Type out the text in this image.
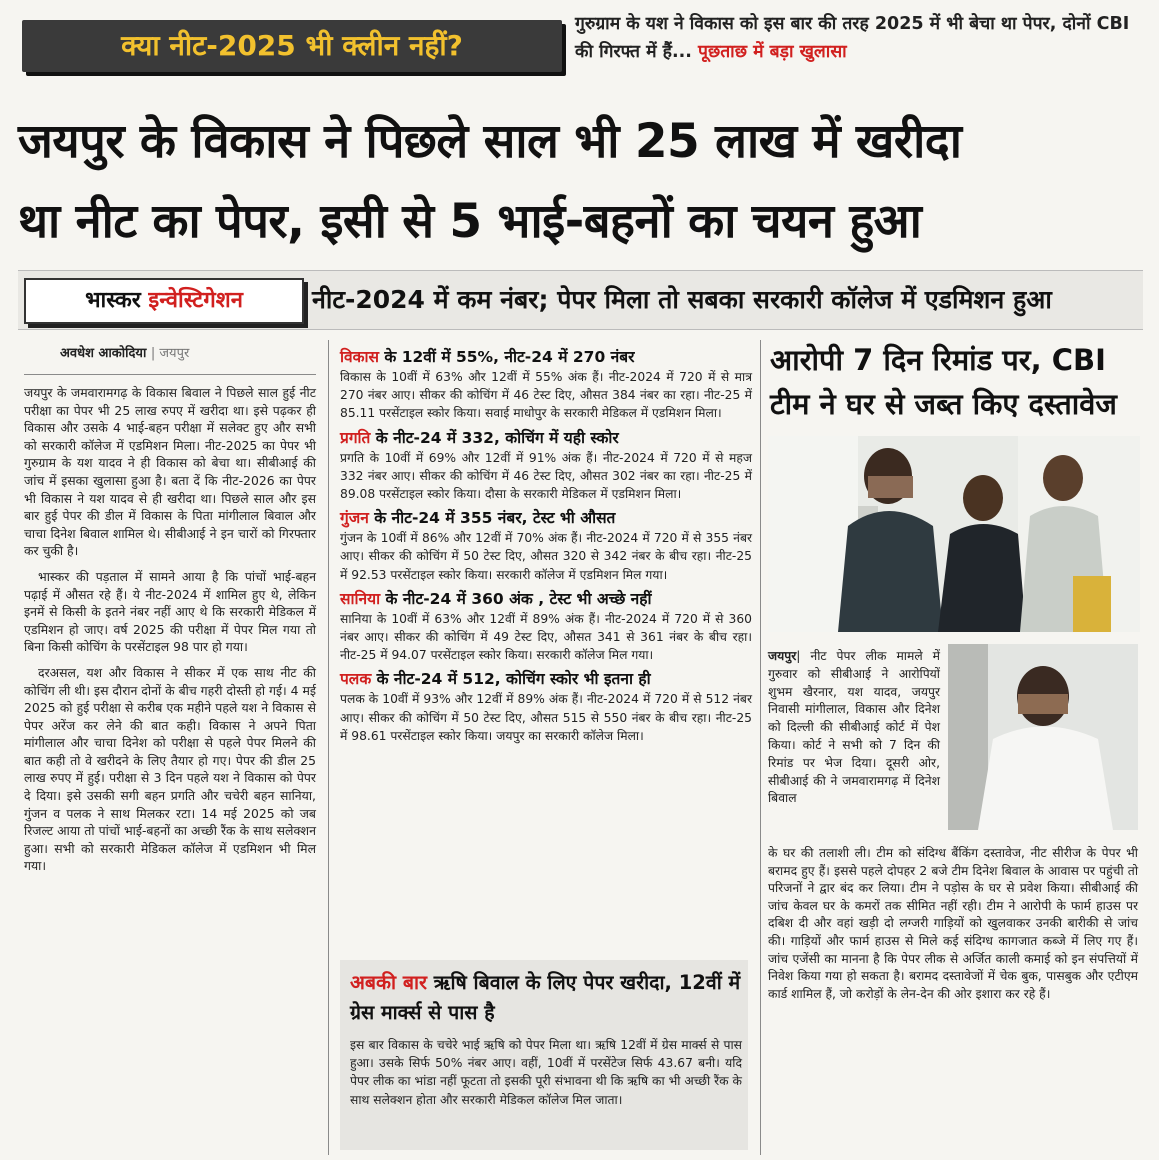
क्या नीट-2025 भी क्लीन नहीं?
गुरुग्राम के यश ने विकास को इस बार की तरह 2025 में भी बेचा था पेपर, दोनों CBI की गिरफ्त में हैं... पूछताछ में बड़ा खुलासा
जयपुर के विकास ने पिछले साल भी 25 लाख में खरीदा
था नीट का पेपर, इसी से 5 भाई-बहनों का चयन हुआ
भास्कर इन्वेस्टिगेशन	नीट-2024 में कम नंबर; पेपर मिला तो सबका सरकारी कॉलेज में एडमिशन हुआ
अवधेश आकोदिया | जयपुर

जयपुर के जमवारामगढ़ के विकास बिवाल ने पिछले साल हुई नीट परीक्षा का पेपर भी 25 लाख रुपए में खरीदा था। इसे पढ़कर ही विकास और उसके 4 भाई-बहन परीक्षा में सलेक्ट हुए और सभी को सरकारी कॉलेज में एडमिशन मिला। नीट-2025 का पेपर भी गुरुग्राम के यश यादव ने ही विकास को बेचा था। सीबीआई की जांच में इसका खुलासा हुआ है। बता दें कि नीट-2026 का पेपर भी विकास ने यश यादव से ही खरीदा था। पिछले साल और इस बार हुई पेपर की डील में विकास के पिता मांगीलाल बिवाल और चाचा दिनेश बिवाल शामिल थे। सीबीआई ने इन चारों को गिरफ्तार कर चुकी है।

भास्कर की पड़ताल में सामने आया है कि पांचों भाई-बहन पढ़ाई में औसत रहे हैं। ये नीट-2024 में शामिल हुए थे, लेकिन इनमें से किसी के इतने नंबर नहीं आए थे कि सरकारी मेडिकल में एडमिशन हो जाए। वर्ष 2025 की परीक्षा में पेपर मिल गया तो बिना किसी कोचिंग के परसेंटाइल 98 पार हो गया।

दरअसल, यश और विकास ने सीकर में एक साथ नीट की कोचिंग ली थी। इस दौरान दोनों के बीच गहरी दोस्ती हो गई। 4 मई 2025 को हुई परीक्षा से करीब एक महीने पहले यश ने विकास से पेपर अरेंज कर लेने की बात कही। विकास ने अपने पिता मांगीलाल और चाचा दिनेश को परीक्षा से पहले पेपर मिलने की बात कही तो वे खरीदने के लिए तैयार हो गए। पेपर की डील 25 लाख रुपए में हुई। परीक्षा से 3 दिन पहले यश ने विकास को पेपर दे दिया। इसे उसकी सगी बहन प्रगति और चचेरी बहन सानिया, गुंजन व पलक ने साथ मिलकर रटा। 14 मई 2025 को जब रिजल्ट आया तो पांचों भाई-बहनों का अच्छी रैंक के साथ सलेक्शन हुआ। सभी को सरकारी मेडिकल कॉलेज में एडमिशन भी मिल गया।

विकास के 12वीं में 55%, नीट-24 में 270 नंबर
विकास के 10वीं में 63% और 12वीं में 55% अंक हैं। नीट-2024 में 720 में से मात्र 270 नंबर आए। सीकर की कोचिंग में 46 टेस्ट दिए, औसत 384 नंबर का रहा। नीट-25 में 85.11 परसेंटाइल स्कोर किया। सवाई माधोपुर के सरकारी मेडिकल में एडमिशन मिला।
प्रगति के नीट-24 में 332, कोचिंग में यही स्कोर
प्रगति के 10वीं में 69% और 12वीं में 91% अंक हैं। नीट-2024 में 720 में से महज 332 नंबर आए। सीकर की कोचिंग में 46 टेस्ट दिए, औसत 302 नंबर का रहा। नीट-25 में 89.08 परसेंटाइल स्कोर किया। दौसा के सरकारी मेडिकल में एडमिशन मिला।
गुंजन के नीट-24 में 355 नंबर, टेस्ट भी औसत
गुंजन के 10वीं में 86% और 12वीं में 70% अंक हैं। नीट-2024 में 720 में से 355 नंबर आए। सीकर की कोचिंग में 50 टेस्ट दिए, औसत 320 से 342 नंबर के बीच रहा। नीट-25 में 92.53 परसेंटाइल स्कोर किया। सरकारी कॉलेज में एडमिशन मिल गया।
सानिया के नीट-24 में 360 अंक , टेस्ट भी अच्छे नहीं
सानिया के 10वीं में 63% और 12वीं में 89% अंक हैं। नीट-2024 में 720 में से 360 नंबर आए। सीकर की कोचिंग में 49 टेस्ट दिए, औसत 341 से 361 नंबर के बीच रहा। नीट-25 में 94.07 परसेंटाइल स्कोर किया। सरकारी कॉलेज मिल गया।
पलक के नीट-24 में 512, कोचिंग स्कोर भी इतना ही
पलक के 10वीं में 93% और 12वीं में 89% अंक हैं। नीट-2024 में 720 में से 512 नंबर आए। सीकर की कोचिंग में 50 टेस्ट दिए, औसत 515 से 550 नंबर के बीच रहा। नीट-25 में 98.61 परसेंटाइल स्कोर किया। जयपुर का सरकारी कॉलेज मिला।
अबकी बार ऋषि बिवाल के लिए पेपर खरीदा, 12वीं में ग्रेस मार्क्स से पास है
इस बार विकास के चचेरे भाई ऋषि को पेपर मिला था। ऋषि 12वीं में ग्रेस मार्क्स से पास हुआ। उसके सिर्फ 50% नंबर आए। वहीं, 10वीं में परसेंटेज सिर्फ 43.67 बनी। यदि पेपर लीक का भांडा नहीं फूटता तो इसकी पूरी संभावना थी कि ऋषि का भी अच्छी रैंक के साथ सलेक्शन होता और सरकारी मेडिकल कॉलेज मिल जाता।
आरोपी 7 दिन रिमांड पर, CBI
टीम ने घर से जब्त किए दस्तावेज
जयपुर| नीट पेपर लीक मामले में गुरुवार को सीबीआई ने आरोपियों शुभम खैरनार, यश यादव, जयपुर निवासी मांगीलाल, विकास और दिनेश को दिल्ली की सीबीआई कोर्ट में पेश किया। कोर्ट ने सभी को 7 दिन की रिमांड पर भेज दिया। दूसरी ओर, सीबीआई की ने जमवारामगढ़ में दिनेश बिवाल
के घर की तलाशी ली। टीम को संदिग्ध बैंकिंग दस्तावेज, नीट सीरीज के पेपर भी बरामद हुए हैं। इससे पहले दोपहर 2 बजे टीम दिनेश बिवाल के आवास पर पहुंची तो परिजनों ने द्वार बंद कर लिया। टीम ने पड़ोस के घर से प्रवेश किया। सीबीआई की जांच केवल घर के कमरों तक सीमित नहीं रही। टीम ने आरोपी के फार्म हाउस पर दबिश दी और वहां खड़ी दो लग्जरी गाड़ियों को खुलवाकर उनकी बारीकी से जांच की। गाड़ियों और फार्म हाउस से मिले कई संदिग्ध कागजात कब्जे में लिए गए हैं। जांच एजेंसी का मानना है कि पेपर लीक से अर्जित काली कमाई को इन संपत्तियों में निवेश किया गया हो सकता है। बरामद दस्तावेजों में चेक बुक, पासबुक और एटीएम कार्ड शामिल हैं, जो करोड़ों के लेन-देन की ओर इशारा कर रहे हैं।
